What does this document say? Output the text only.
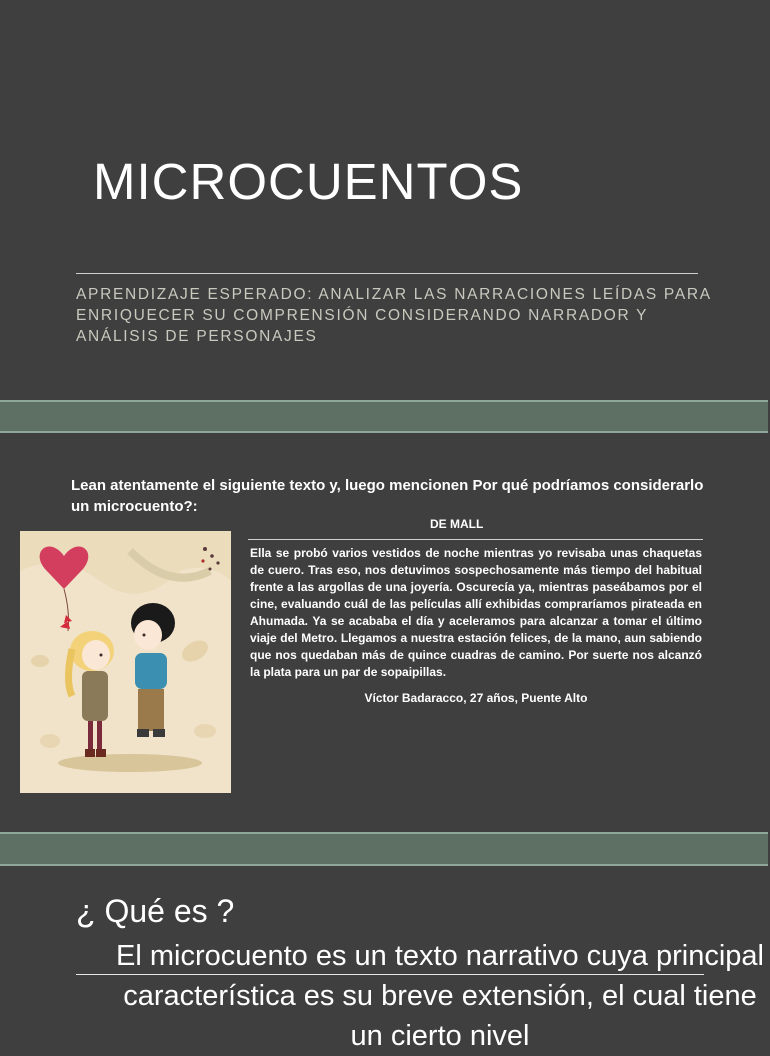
MICROCUENTOS
APRENDIZAJE ESPERADO: ANALIZAR LAS NARRACIONES LEÍDAS PARA ENRIQUECER SU COMPRENSIÓN CONSIDERANDO NARRADOR Y ANÁLISIS DE PERSONAJES
Lean atentamente el siguiente texto y, luego mencionen Por qué podríamos considerarlo un microcuento?:
DE MALL

Ella se probó varios vestidos de noche mientras yo revisaba unas chaquetas de cuero. Tras eso, nos detuvimos sospechosamente más tiempo del habitual frente a las argollas de una joyería. Oscurecía ya, mientras paseábamos por el cine, evaluando cuál de las películas allí exhibidas compraríamos pirateada en Ahumada. Ya se acababa el día y aceleramos para alcanzar a tomar el último viaje del Metro. Llegamos a nuestra estación felices, de la mano, aun sabiendo que nos quedaban más de quince cuadras de camino. Por suerte nos alcanzó la plata para un par de sopaipillas.

Víctor Badaracco, 27 años, Puente Alto

¿ Qué es ?
El microcuento es un texto narrativo cuya principal característica es su breve extensión, el cual tiene un cierto nivel
